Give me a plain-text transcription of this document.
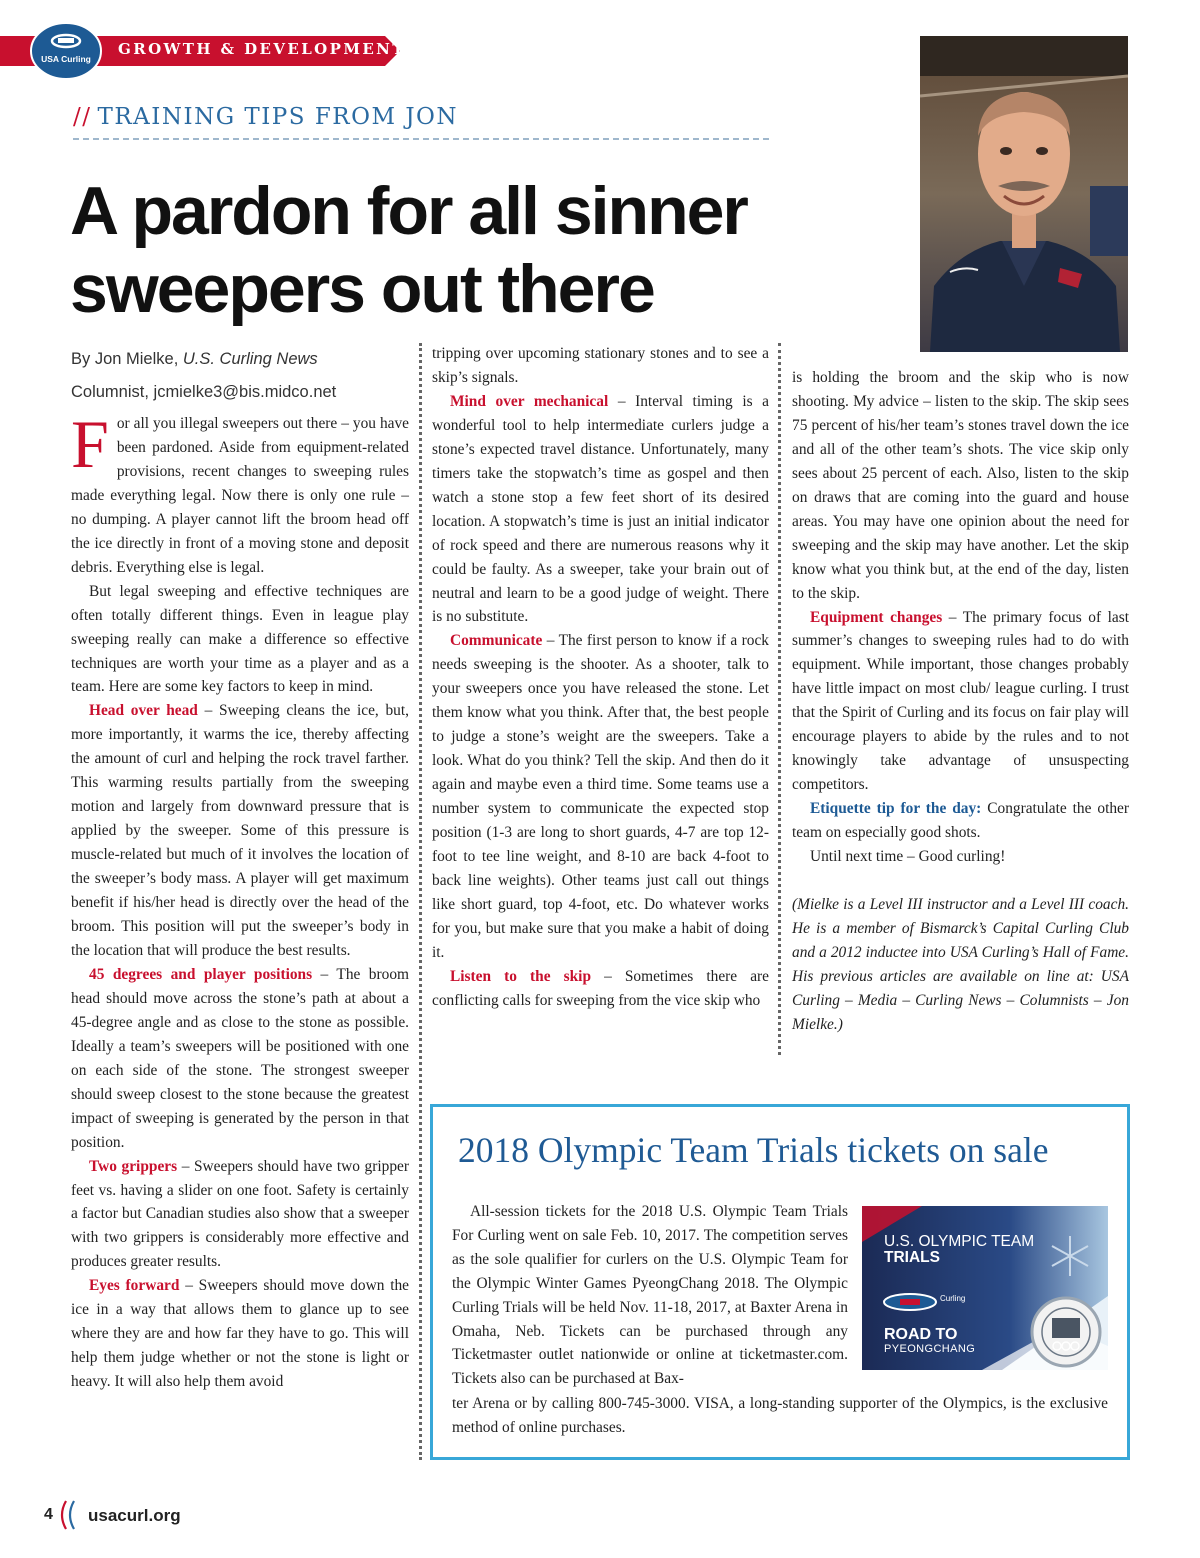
USA Curling
GROWTH & DEVELOPMENT
// TRAINING TIPS FROM JON
A pardon for all sinner
sweepers out there
By Jon Mielke, U.S. Curling News
Columnist, jcmielke3@bis.midco.net

For all you illegal sweepers out there – you have been pardoned. Aside from equipment-related provisions, recent changes to sweeping rules made everything legal. Now there is only one rule – no dumping. A player cannot lift the broom head off the ice directly in front of a moving stone and deposit debris. Everything else is legal.

But legal sweeping and effective techniques are often totally different things. Even in league play sweeping really can make a difference so effective techniques are worth your time as a player and as a team. Here are some key factors to keep in mind.

Head over head – Sweeping cleans the ice, but, more importantly, it warms the ice, thereby affecting the amount of curl and helping the rock travel farther. This warming results partially from the sweeping motion and largely from downward pressure that is applied by the sweeper. Some of this pressure is muscle-related but much of it involves the location of the sweeper’s body mass. A player will get maximum benefit if his/her head is directly over the head of the broom. This position will put the sweeper’s body in the location that will produce the best results.

45 degrees and player positions – The broom head should move across the stone’s path at about a 45-degree angle and as close to the stone as possible. Ideally a team’s sweepers will be positioned with one on each side of the stone. The strongest sweeper should sweep closest to the stone because the greatest impact of sweeping is generated by the person in that position.

Two grippers – Sweepers should have two gripper feet vs. having a slider on one foot. Safety is certainly a factor but Canadian studies also show that a sweeper with two grippers is considerably more effective and produces greater results.

Eyes forward – Sweepers should move down the ice in a way that allows them to glance up to see where they are and how far they have to go. This will help them judge whether or not the stone is light or heavy. It will also help them avoid

tripping over upcoming stationary stones and to see a skip’s signals.

Mind over mechanical – Interval timing is a wonderful tool to help intermediate curlers judge a stone’s expected travel distance. Unfortunately, many timers take the stopwatch’s time as gospel and then watch a stone stop a few feet short of its desired location. A stopwatch’s time is just an initial indicator of rock speed and there are numerous reasons why it could be faulty. As a sweeper, take your brain out of neutral and learn to be a good judge of weight. There is no substitute.

Communicate – The first person to know if a rock needs sweeping is the shooter. As a shooter, talk to your sweepers once you have released the stone. Let them know what you think. After that, the best people to judge a stone’s weight are the sweepers. Take a look. What do you think? Tell the skip. And then do it again and maybe even a third time. Some teams use a number system to communicate the expected stop position (1-3 are long to short guards, 4-7 are top 12-foot to tee line weight, and 8-10 are back 4-foot to back line weights). Other teams just call out things like short guard, top 4-foot, etc. Do whatever works for you, but make sure that you make a habit of doing it.

Listen to the skip – Sometimes there are conflicting calls for sweeping from the vice skip who

is holding the broom and the skip who is now shooting. My advice – listen to the skip. The skip sees 75 percent of his/her team’s stones travel down the ice and all of the other team’s shots. The vice skip only sees about 25 percent of each. Also, listen to the skip on draws that are coming into the guard and house areas. You may have one opinion about the need for sweeping and the skip may have another. Let the skip know what you think but, at the end of the day, listen to the skip.

Equipment changes – The primary focus of last summer’s changes to sweeping rules had to do with equipment. While important, those changes probably have little impact on most club/ league curling. I trust that the Spirit of Curling and its focus on fair play will encourage players to abide by the rules and to not knowingly take advantage of unsuspecting competitors.

Etiquette tip for the day: Congratulate the other team on especially good shots.

Until next time – Good curling!

(Mielke is a Level III instructor and a Level III coach. He is a member of Bismarck’s Capital Curling Club and a 2012 inductee into USA Curling’s Hall of Fame. His previous articles are available on line at: USA Curling – Media – Curling News – Columnists – Jon Mielke.)

2018 Olympic Team Trials tickets on sale
All-session tickets for the 2018 U.S. Olympic Team Trials For Curling went on sale Feb. 10, 2017. The competition serves as the sole qualifier for curlers on the U.S. Olympic Team for the Olympic Winter Games PyeongChang 2018. The Olympic Curling Trials will be held Nov. 11-18, 2017, at Baxter Arena in Omaha, Neb. Tickets can be purchased through any Ticketmaster outlet nationwide or online at ticketmaster.com. Tickets also can be purchased at Bax-
ter Arena or by calling 800-745-3000. VISA, a long-standing supporter of the Olympics, is the exclusive method of online purchases.
U.S. OLYMPIC TEAM
TRIALS
Curling
ROAD TO
PYEONGCHANG
4 usacurl.org
